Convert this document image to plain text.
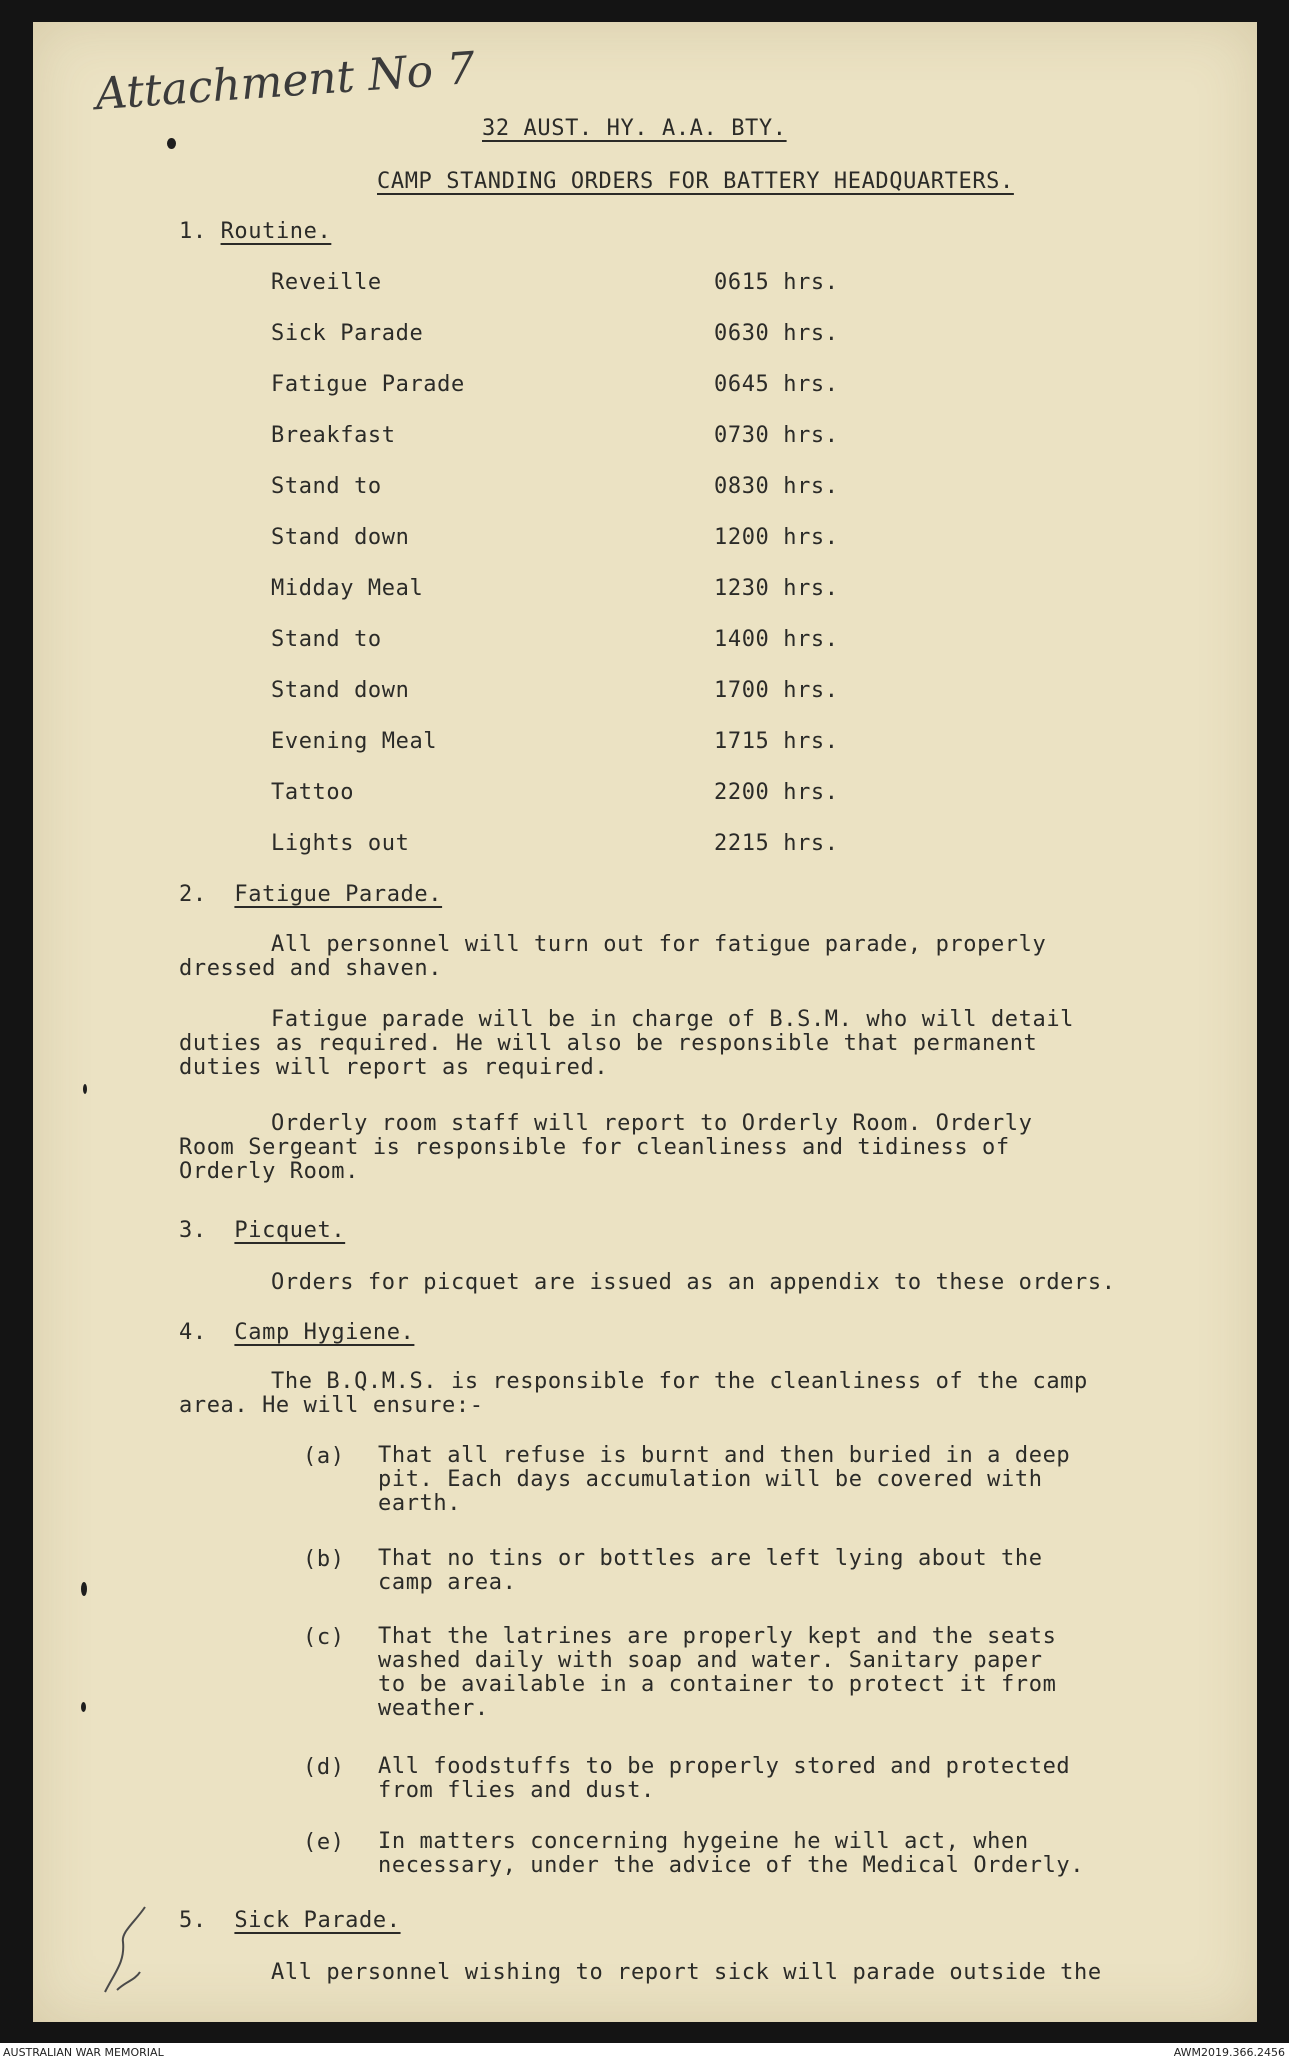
Attachment No 7
32 AUST. HY. A.A. BTY.
CAMP STANDING ORDERS FOR BATTERY HEADQUARTERS.
1. Routine.
Reveille	0615 hrs.
Sick Parade	0630 hrs.
Fatigue Parade	0645 hrs.
Breakfast	0730 hrs.
Stand to	0830 hrs.
Stand down	1200 hrs.
Midday Meal	1230 hrs.
Stand to	1400 hrs.
Stand down	1700 hrs.
Evening Meal	1715 hrs.
Tattoo	2200 hrs.
Lights out	2215 hrs.
2. Fatigue Parade.
All personnel will turn out for fatigue parade, properly
dressed and shaven.
Fatigue parade will be in charge of B.S.M. who will detail
duties as required. He will also be responsible that permanent
duties will report as required.
Orderly room staff will report to Orderly Room. Orderly
Room Sergeant is responsible for cleanliness and tidiness of
Orderly Room.
3. Picquet.
Orders for picquet are issued as an appendix to these orders.
4. Camp Hygiene.
The B.Q.M.S. is responsible for the cleanliness of the camp
area. He will ensure:-
(a) That all refuse is burnt and then buried in a deep
pit. Each days accumulation will be covered with
earth.
(b) That no tins or bottles are left lying about the
camp area.
(c) That the latrines are properly kept and the seats
washed daily with soap and water. Sanitary paper
to be available in a container to protect it from
weather.
(d) All foodstuffs to be properly stored and protected
from flies and dust.
(e) In matters concerning hygeine he will act, when
necessary, under the advice of the Medical Orderly.
5. Sick Parade.
All personnel wishing to report sick will parade outside the
AUSTRALIAN WAR MEMORIAL	AWM2019.366.2456
